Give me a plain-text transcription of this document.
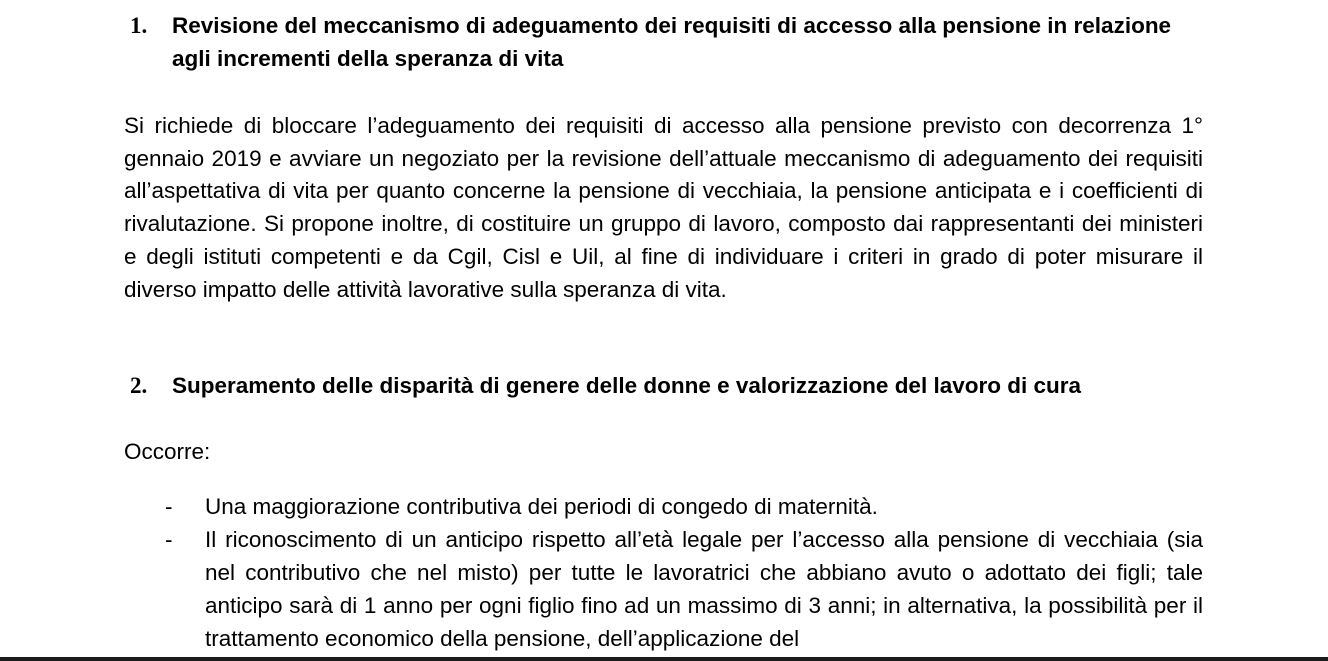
1. Revisione del meccanismo di adeguamento dei requisiti di accesso alla pensione in relazione agli incrementi della speranza di vita

Si richiede di bloccare l’adeguamento dei requisiti di accesso alla pensione previsto con decorrenza 1° gennaio 2019 e avviare un negoziato per la revisione dell’attuale meccanismo di adeguamento dei requisiti all’aspettativa di vita per quanto concerne la pensione di vecchiaia, la pensione anticipata e i coefficienti di rivalutazione. Si propone inoltre, di costituire un gruppo di lavoro, composto dai rappresentanti dei ministeri e degli istituti competenti e da Cgil, Cisl e Uil, al fine di individuare i criteri in grado di poter misurare il diverso impatto delle attività lavorative sulla speranza di vita.

2. Superamento delle disparità di genere delle donne e valorizzazione del lavoro di cura

Occorre:

- Una maggiorazione contributiva dei periodi di congedo di maternità.
- Il riconoscimento di un anticipo rispetto all’età legale per l’accesso alla pensione di vecchiaia (sia nel contributivo che nel misto) per tutte le lavoratrici che abbiano avuto o adottato dei figli; tale anticipo sarà di 1 anno per ogni figlio fino ad un massimo di 3 anni; in alternativa, la possibilità per il trattamento economico della pensione, dell’applicazione del
